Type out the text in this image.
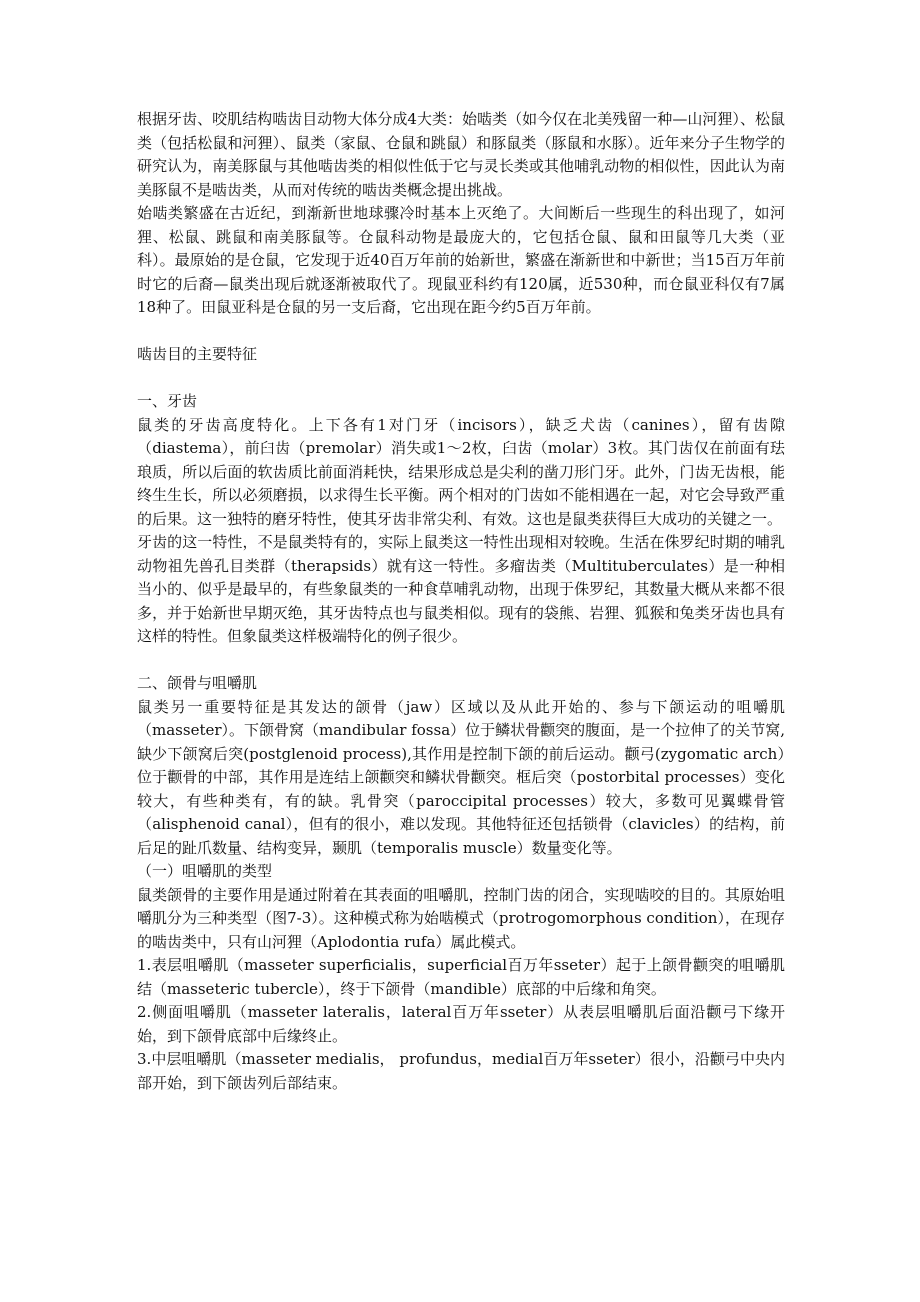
根据牙齿、咬肌结构啮齿目动物大体分成4大类：始啮类（如今仅在北美残留一种—山河狸）、松鼠类（包括松鼠和河狸）、鼠类（家鼠、仓鼠和跳鼠）和豚鼠类（豚鼠和水豚）。近年来分子生物学的研究认为，南美豚鼠与其他啮齿类的相似性低于它与灵长类或其他哺乳动物的相似性，因此认为南美豚鼠不是啮齿类，从而对传统的啮齿类概念提出挑战。

始啮类繁盛在古近纪，到渐新世地球骤冷时基本上灭绝了。大间断后一些现生的科出现了，如河狸、松鼠、跳鼠和南美豚鼠等。仓鼠科动物是最庞大的，它包括仓鼠、鼠和田鼠等几大类（亚科）。最原始的是仓鼠，它发现于近40百万年前的始新世，繁盛在渐新世和中新世；当15百万年前时它的后裔—鼠类出现后就逐渐被取代了。现鼠亚科约有120属，近530种，而仓鼠亚科仅有7属18种了。田鼠亚科是仓鼠的另一支后裔，它出现在距今约5百万年前。

啮齿目的主要特征

一、牙齿

鼠类的牙齿高度特化。上下各有1对门牙（incisors），缺乏犬齿（canines），留有齿隙（diastema），前臼齿（premolar）消失或1～2枚，臼齿（molar）3枚。其门齿仅在前面有珐琅质，所以后面的软齿质比前面消耗快，结果形成总是尖利的凿刀形门牙。此外，门齿无齿根，能终生生长，所以必须磨损，以求得生长平衡。两个相对的门齿如不能相遇在一起，对它会导致严重的后果。这一独特的磨牙特性，使其牙齿非常尖利、有效。这也是鼠类获得巨大成功的关键之一。

牙齿的这一特性，不是鼠类特有的，实际上鼠类这一特性出现相对较晚。生活在侏罗纪时期的哺乳动物祖先兽孔目类群（therapsids）就有这一特性。多瘤齿类（Multituberculates）是一种相当小的、似乎是最早的，有些象鼠类的一种食草哺乳动物，出现于侏罗纪，其数量大概从来都不很多，并于始新世早期灭绝，其牙齿特点也与鼠类相似。现有的袋熊、岩狸、狐猴和兔类牙齿也具有这样的特性。但象鼠类这样极端特化的例子很少。

二、颌骨与咀嚼肌

鼠类另一重要特征是其发达的颌骨（jaw）区域以及从此开始的、参与下颌运动的咀嚼肌（masseter）。下颌骨窝（mandibular fossa）位于鳞状骨颧突的腹面，是一个拉伸了的关节窝,缺少下颌窝后突(postglenoid process),其作用是控制下颌的前后运动。颧弓(zygomatic arch）位于颧骨的中部，其作用是连结上颌颧突和鳞状骨颧突。框后突（postorbital processes）变化较大，有些种类有，有的缺。乳骨突（paroccipital processes）较大，多数可见翼蝶骨管（alisphenoid canal），但有的很小，难以发现。其他特征还包括锁骨（clavicles）的结构，前后足的趾爪数量、结构变异，颞肌（temporalis muscle）数量变化等。

（一）咀嚼肌的类型

鼠类颌骨的主要作用是通过附着在其表面的咀嚼肌，控制门齿的闭合，实现啮咬的目的。其原始咀嚼肌分为三种类型（图7-3）。这种模式称为始啮模式（protrogomorphous condition），在现存的啮齿类中，只有山河狸（Aplodontia rufa）属此模式。

1.表层咀嚼肌（masseter superficialis，superficial百万年sseter）起于上颌骨颧突的咀嚼肌结（masseteric tubercle），终于下颌骨（mandible）底部的中后缘和角突。

2.侧面咀嚼肌（masseter lateralis，lateral百万年sseter）从表层咀嚼肌后面沿颧弓下缘开始，到下颌骨底部中后缘终止。

3.中层咀嚼肌（masseter medialis， profundus，medial百万年sseter）很小，沿颧弓中央内部开始，到下颌齿列后部结束。
